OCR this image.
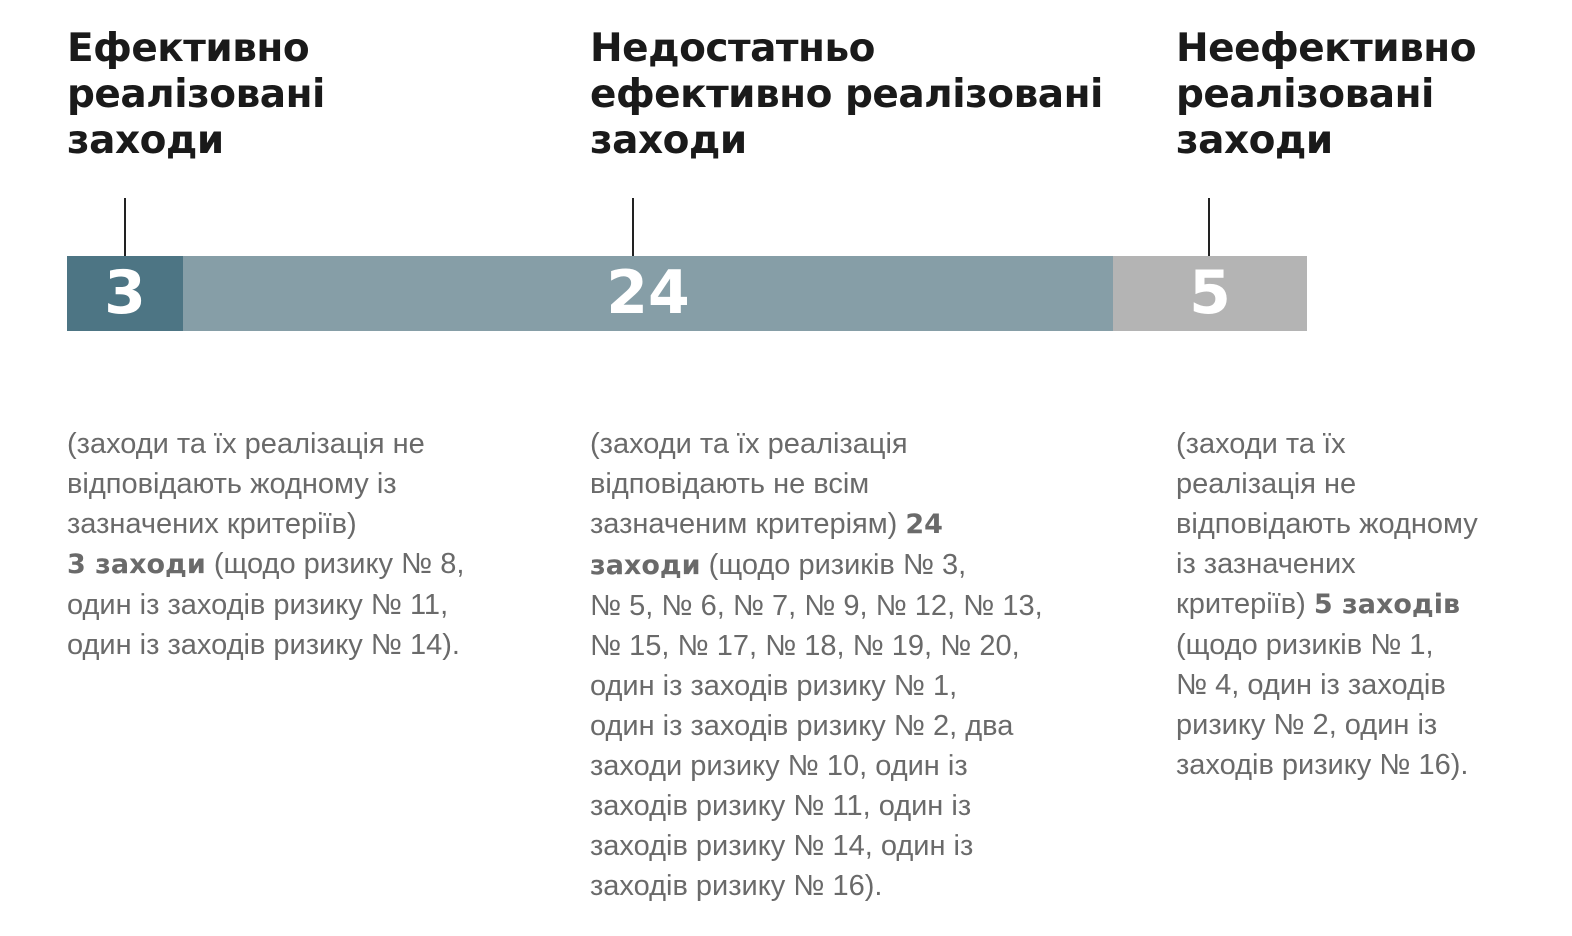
Ефективно
реалізовані
заходи
Недостатньо
ефективно реалізовані
заходи
Неефективно
реалізовані
заходи
3	24	5

(заходи та їх реалізація не
відповідають жодному із
зазначених критеріїв)
3 заходи (щодо ризику № 8,
один із заходів ризику № 11,
один із заходів ризику № 14).

(заходи та їх реалізація
відповідають не всім
зазначеним критеріям) 24
заходи (щодо ризиків № 3,
№ 5, № 6, № 7, № 9, № 12, № 13,
№ 15, № 17, № 18, № 19, № 20,
один із заходів ризику № 1,
один із заходів ризику № 2, два
заходи ризику № 10, один із
заходів ризику № 11, один із
заходів ризику № 14, один із
заходів ризику № 16).

(заходи та їх
реалізація не
відповідають жодному
із зазначених
критеріїв) 5 заходів
(щодо ризиків № 1,
№ 4, один із заходів
ризику № 2, один із
заходів ризику № 16).
